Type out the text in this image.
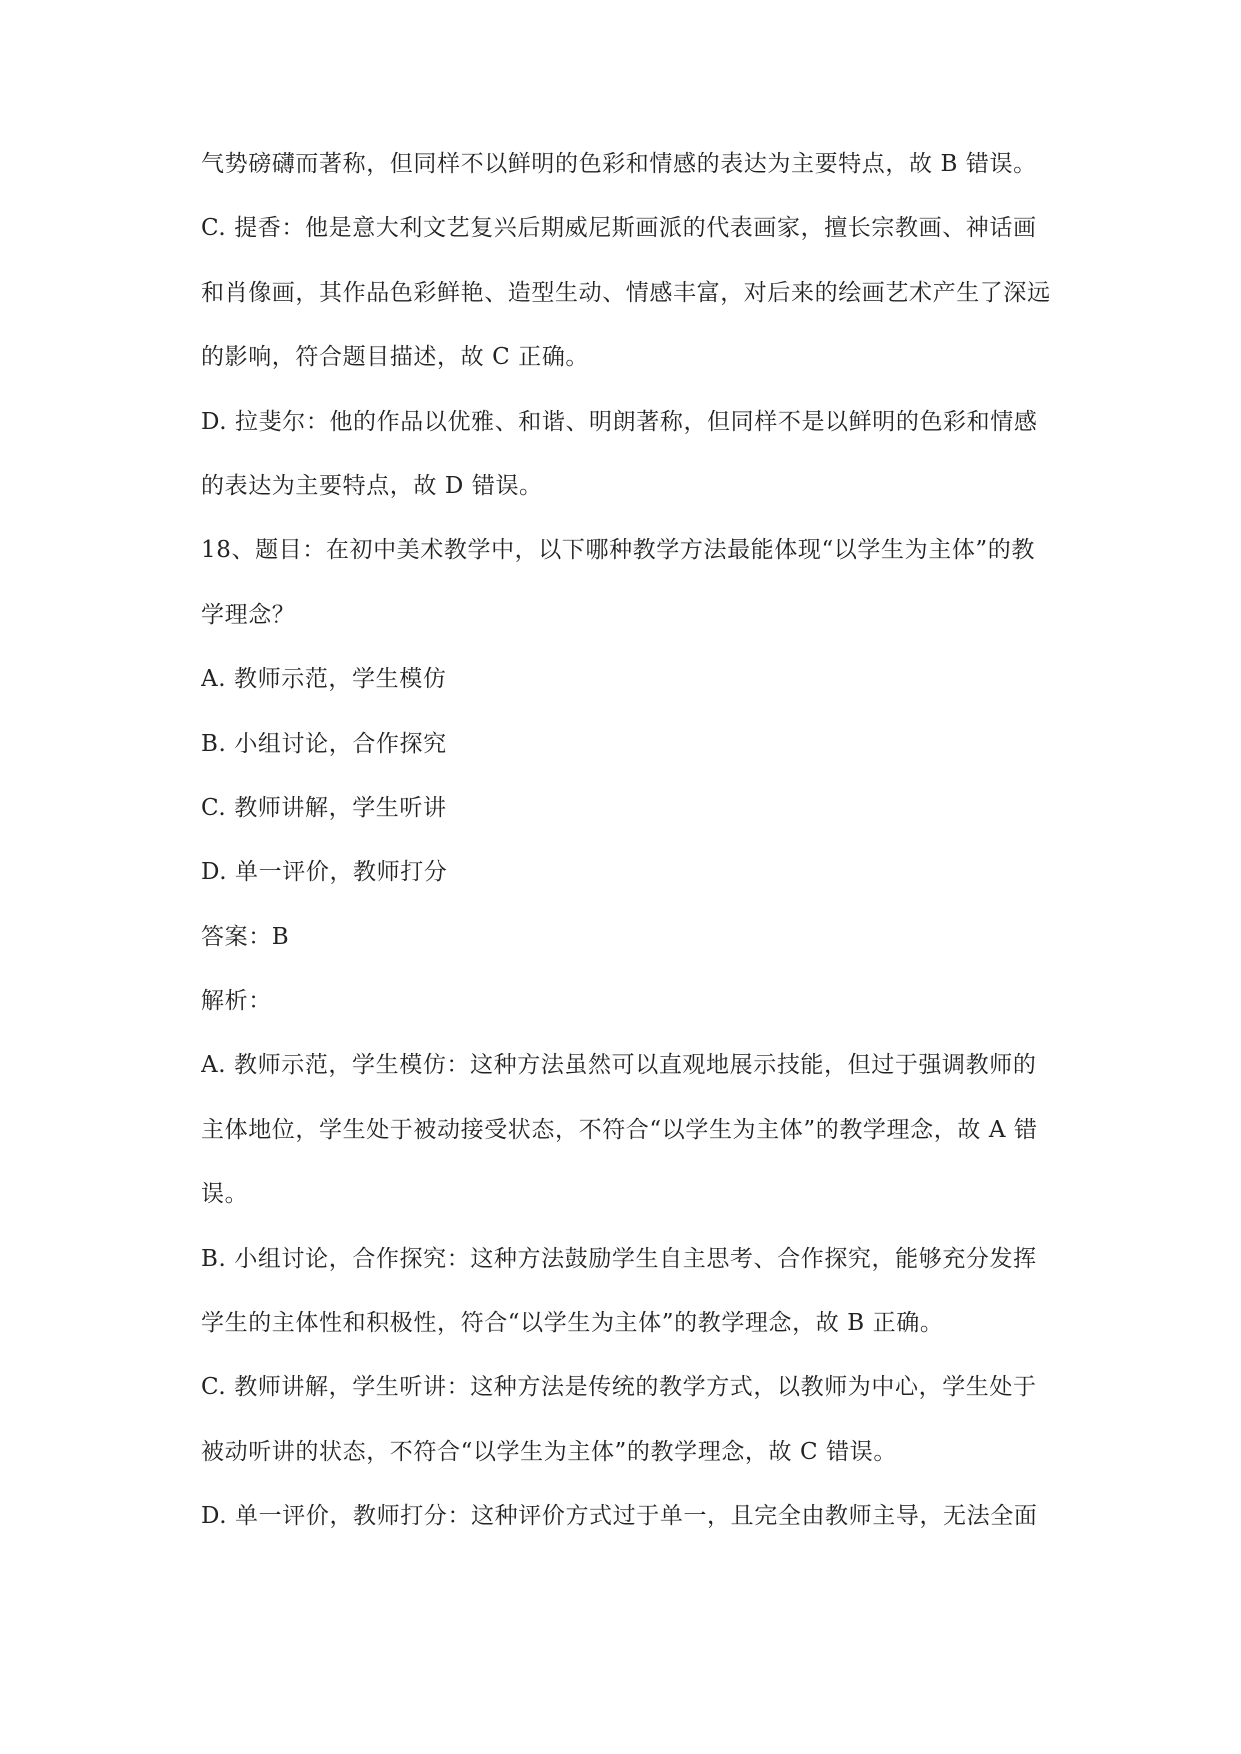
气势磅礴而著称，但同样不以鲜明的色彩和情感的表达为主要特点，故 B 错误。
C. 提香：他是意大利文艺复兴后期威尼斯画派的代表画家，擅长宗教画、神话画
和肖像画，其作品色彩鲜艳、造型生动、情感丰富，对后来的绘画艺术产生了深远
的影响，符合题目描述，故 C 正确。
D. 拉斐尔：他的作品以优雅、和谐、明朗著称，但同样不是以鲜明的色彩和情感
的表达为主要特点，故 D 错误。
18、题目：在初中美术教学中，以下哪种教学方法最能体现“以学生为主体”的教
学理念？
A. 教师示范，学生模仿
B. 小组讨论，合作探究
C. 教师讲解，学生听讲
D. 单一评价，教师打分
答案：B
解析：
A. 教师示范，学生模仿：这种方法虽然可以直观地展示技能，但过于强调教师的
主体地位，学生处于被动接受状态，不符合“以学生为主体”的教学理念，故 A 错
误。
B. 小组讨论，合作探究：这种方法鼓励学生自主思考、合作探究，能够充分发挥
学生的主体性和积极性，符合“以学生为主体”的教学理念，故 B 正确。
C. 教师讲解，学生听讲：这种方法是传统的教学方式，以教师为中心，学生处于
被动听讲的状态，不符合“以学生为主体”的教学理念，故 C 错误。
D. 单一评价，教师打分：这种评价方式过于单一，且完全由教师主导，无法全面
